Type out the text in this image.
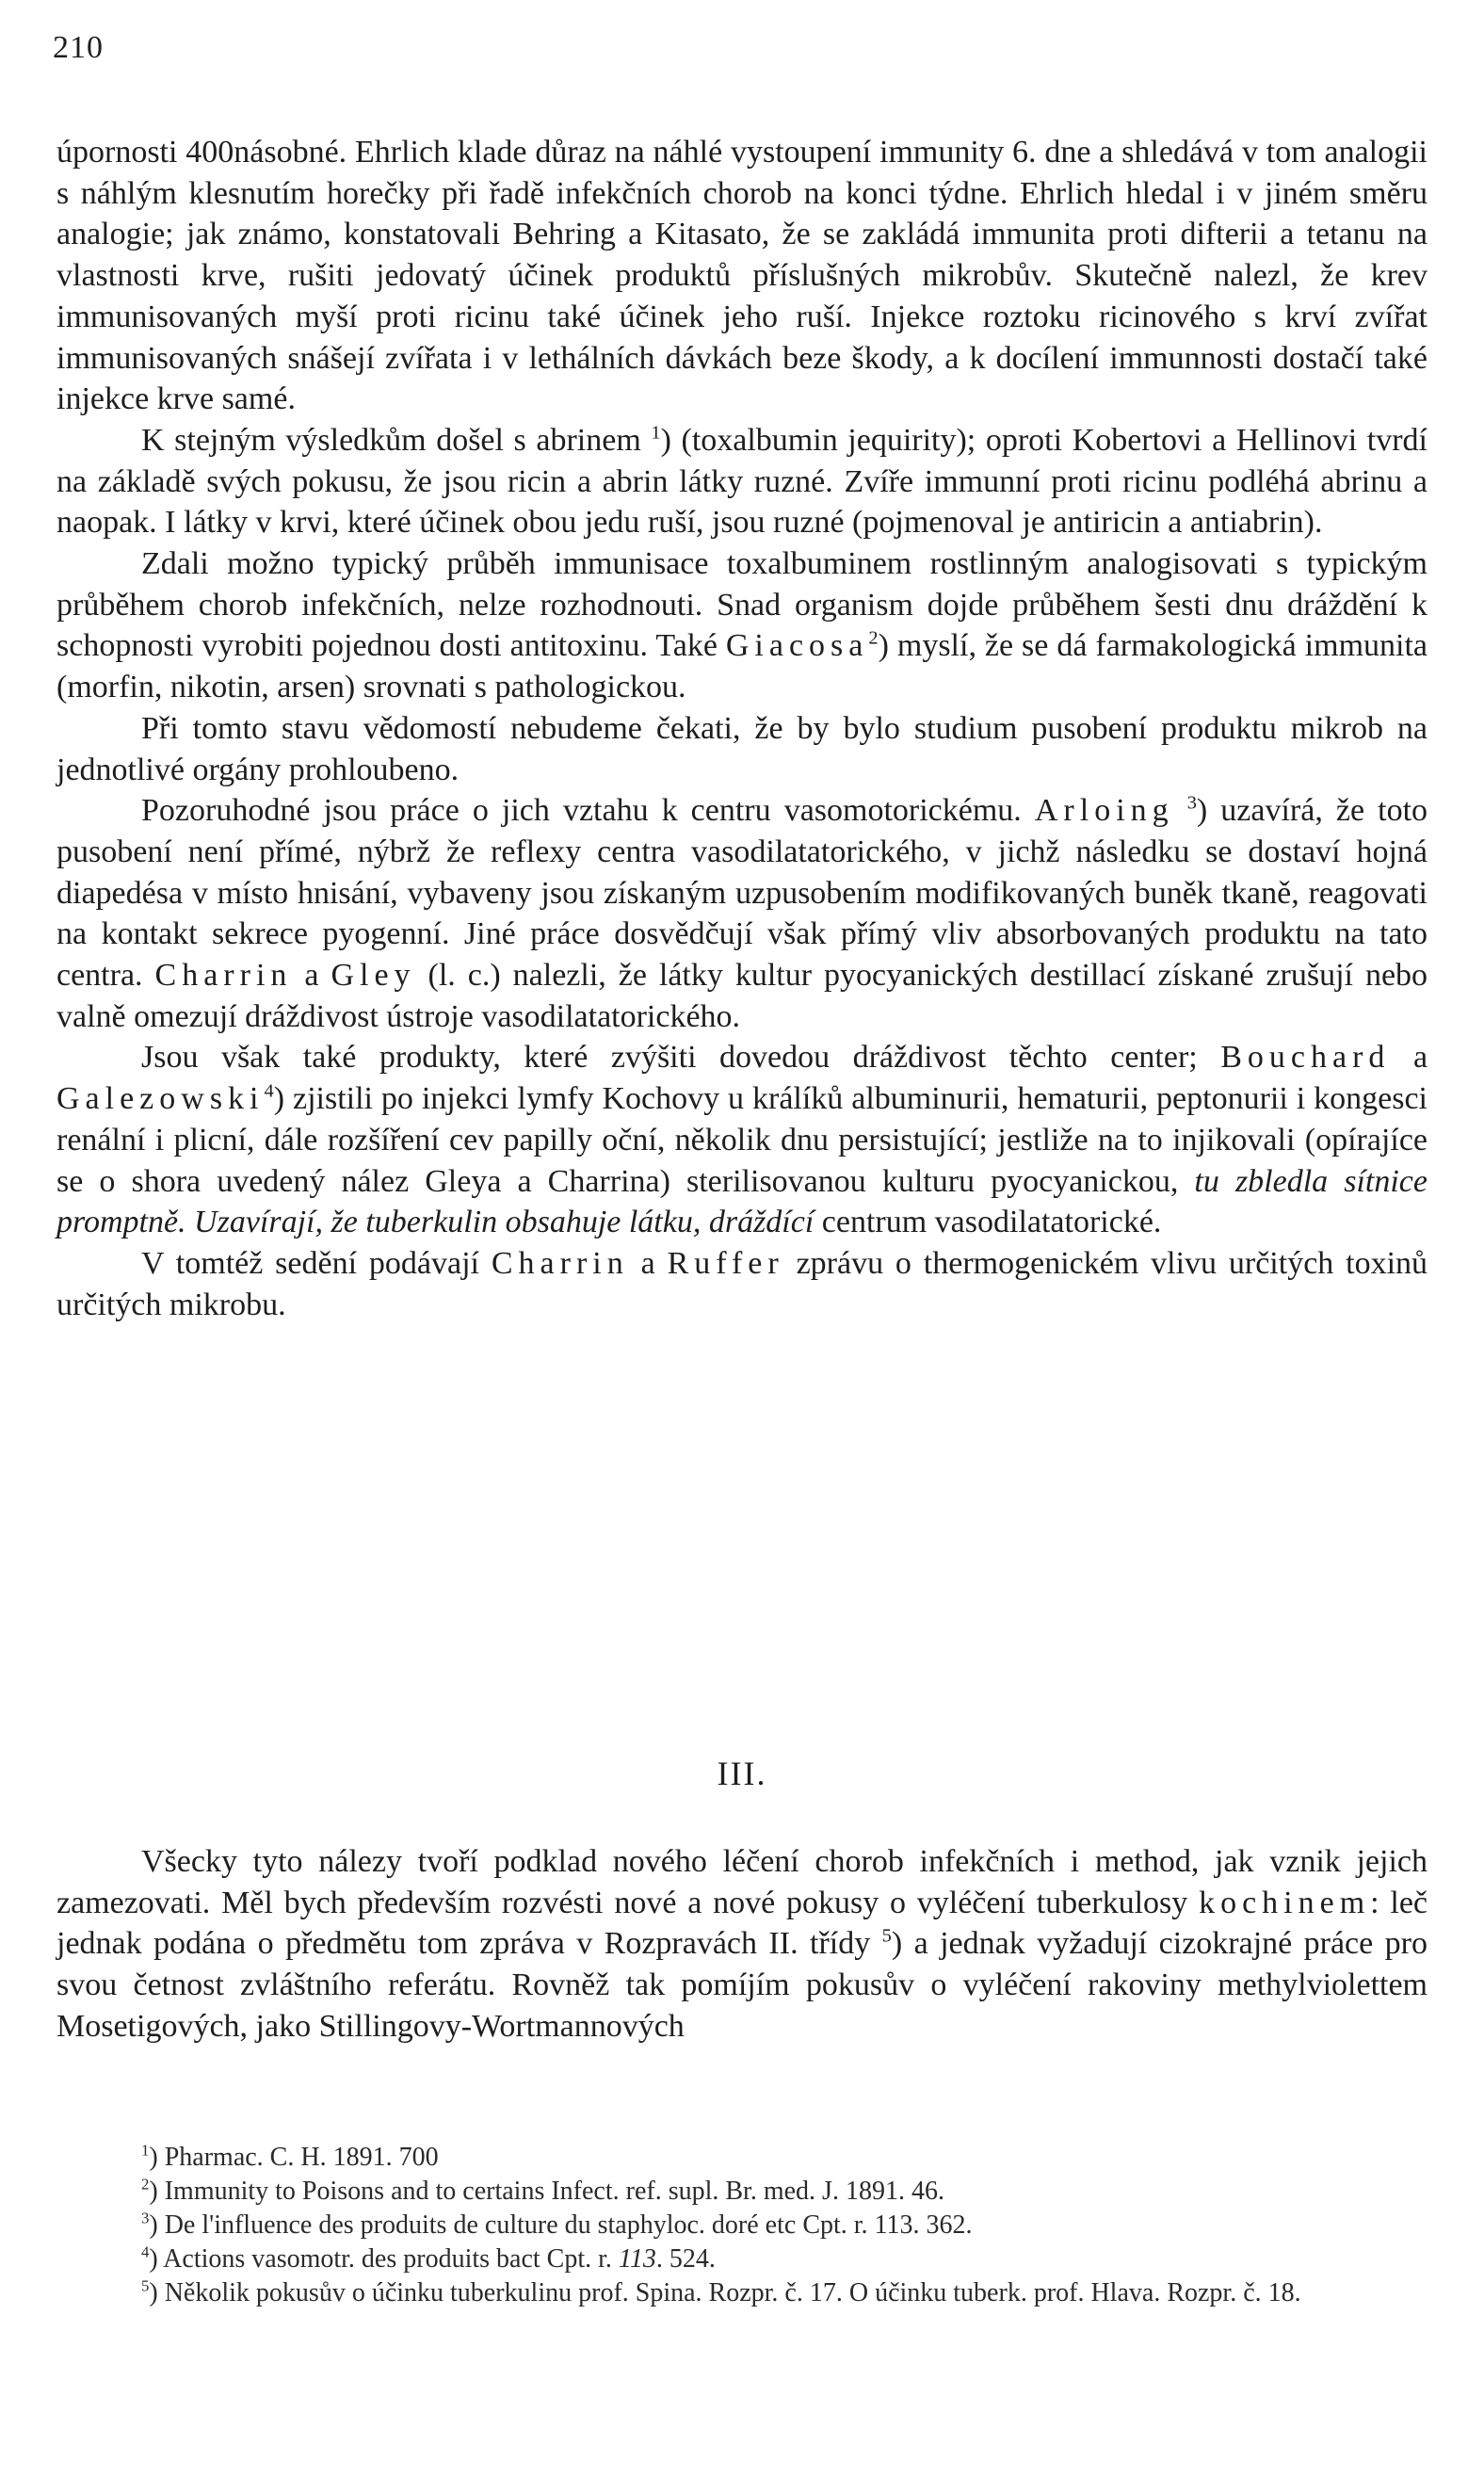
210

úpornosti 400násobné. Ehrlich klade důraz na náhlé vystoupení immunity 6. dne a shledává v tom analogii s náhlým klesnutím horečky při řadě infekčních chorob na konci týdne. Ehrlich hledal i v jiném směru analogie; jak známo, konstatovali Behring a Kitasato, že se zakládá immunita proti difterii a tetanu na vlastnosti krve, rušiti jedovatý účinek produktů příslušných mikrobův. Skutečně nalezl, že krev immunisovaných myší proti ricinu také účinek jeho ruší. Injekce roztoku ricinového s krví zvířat immunisovaných snášejí zvířata i v lethálních dávkách beze škody, a k docílení immunnosti dostačí také injekce krve samé.

K stejným výsledkům došel s abrinem $^1$) (toxalbumin jequirity); oproti Kobertovi a Hellinovi tvrdí na základě svých pokusu, že jsou ricin a abrin látky ruzné. Zvíře immunní proti ricinu podléhá abrinu a naopak. I látky v krvi, které účinek obou jedu ruší, jsou ruzné (pojmenoval je antiricin a antiabrin).

Zdali možno typický průběh immunisace toxalbuminem rostlinným analogisovati s typickým průběhem chorob infekčních, nelze rozhodnouti. Snad organism dojde průběhem šesti dnu dráždění k schopnosti vyrobiti pojednou dosti antitoxinu. Také Giacosa$^2$) myslí, že se dá farmakologická immunita (morfin, nikotin, arsen) srovnati s pathologickou.

Při tomto stavu vědomostí nebudeme čekati, že by bylo studium pusobení produktu mikrob na jednotlivé orgány prohloubeno.

Pozoruhodné jsou práce o jich vztahu k centru vasomotorickému. Arloing $^3$) uzavírá, že toto pusobení není přímé, nýbrž že reflexy centra vasodilatatorického, v jichž následku se dostaví hojná diapedésa v místo hnisání, vybaveny jsou získaným uzpusobením modifikovaných buněk tkaně, reagovati na kontakt sekrece pyogenní. Jiné práce dosvědčují však přímý vliv absorbovaných produktu na tato centra. Charrin a Gley (l. c.) nalezli, že látky kultur pyocyanických destillací získané zrušují nebo valně omezují dráždivost ústroje vasodilatatorického.

Jsou však také produkty, které zvýšiti dovedou dráždivost těchto center; Bouchard a Galezowski$^4$) zjistili po injekci lymfy Kochovy u králíků albuminurii, hematurii, peptonurii i kongesci renální i plicní, dále rozšíření cev papilly oční, několik dnu persistující; jestliže na to injikovali (opírajíce se o shora uvedený nález Gleya a Charrina) sterilisovanou kulturu pyocyanickou, tu zbledla sítnice promptně. Uzavírají, že tuberkulin obsahuje látku, dráždící centrum vasodilatatorické.

V tomtéž sedění podávají Charrin a Ruffer zprávu o thermogenickém vlivu určitých toxinů určitých mikrobu.

III.

Všecky tyto nálezy tvoří podklad nového léčení chorob infekčních i method, jak vznik jejich zamezovati. Měl bych především rozvésti nové a nové pokusy o vyléčení tuberkulosy kochinem: leč jednak podána o předmětu tom zpráva v Rozpravách II. třídy $^5$) a jednak vyžadují cizokrajné práce pro svou četnost zvláštního referátu. Rovněž tak pomíjím pokusův o vyléčení rakoviny methylviolettem Mosetigových, jako Stillingovy-Wortmannových

$^1$) Pharmac. C. H. 1891. 700

$^2$) Immunity to Poisons and to certains Infect. ref. supl. Br. med. J. 1891. 46.

$^3$) De l'influence des produits de culture du staphyloc. doré etc Cpt. r. 113. 362.

$^4$) Actions vasomotr. des produits bact Cpt. r. 113. 524.

$^5$) Několik pokusův o účinku tuberkulinu prof. Spina. Rozpr. č. 17. O účinku tuberk. prof. Hlava. Rozpr. č. 18.
